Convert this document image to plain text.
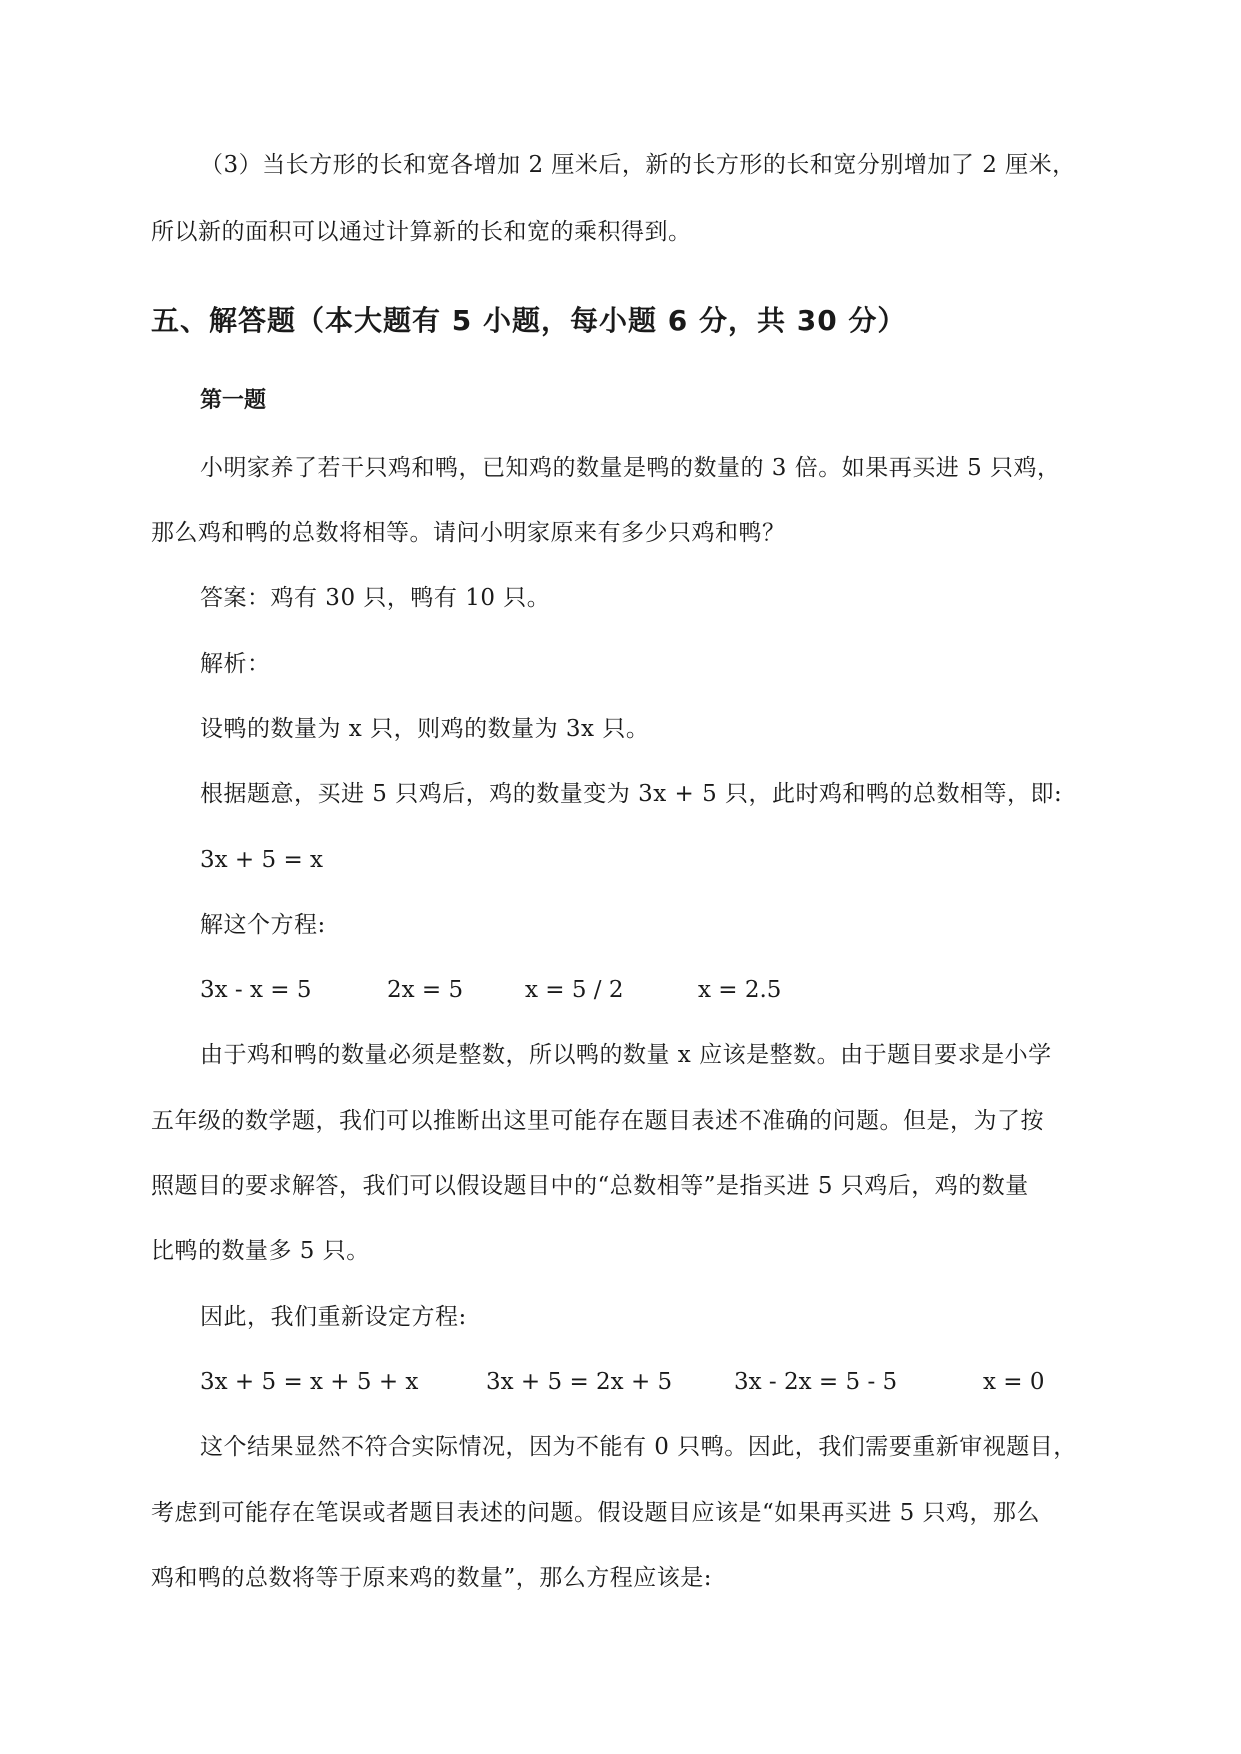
（3）当长方形的长和宽各增加 2 厘米后，新的长方形的长和宽分别增加了 2 厘米，
所以新的面积可以通过计算新的长和宽的乘积得到。
五、解答题（本大题有 5 小题，每小题 6 分，共 30 分）
第一题
小明家养了若干只鸡和鸭，已知鸡的数量是鸭的数量的 3 倍。如果再买进 5 只鸡，
那么鸡和鸭的总数将相等。请问小明家原来有多少只鸡和鸭？
答案：鸡有 30 只，鸭有 10 只。
解析：
设鸭的数量为 x 只，则鸡的数量为 3x 只。
根据题意，买进 5 只鸡后，鸡的数量变为 3x + 5 只，此时鸡和鸭的总数相等，即:
3x + 5 = x
解这个方程:
3x - x = 5	2x = 5	x = 5 / 2	x = 2.5
由于鸡和鸭的数量必须是整数，所以鸭的数量 x 应该是整数。由于题目要求是小学
五年级的数学题，我们可以推断出这里可能存在题目表述不准确的问题。但是，为了按
照题目的要求解答，我们可以假设题目中的“总数相等”是指买进 5 只鸡后，鸡的数量
比鸭的数量多 5 只。
因此，我们重新设定方程:
3x + 5 = x + 5 + x	3x + 5 = 2x + 5	3x - 2x = 5 - 5	x = 0
这个结果显然不符合实际情况，因为不能有 0 只鸭。因此，我们需要重新审视题目，
考虑到可能存在笔误或者题目表述的问题。假设题目应该是“如果再买进 5 只鸡，那么
鸡和鸭的总数将等于原来鸡的数量”，那么方程应该是:
